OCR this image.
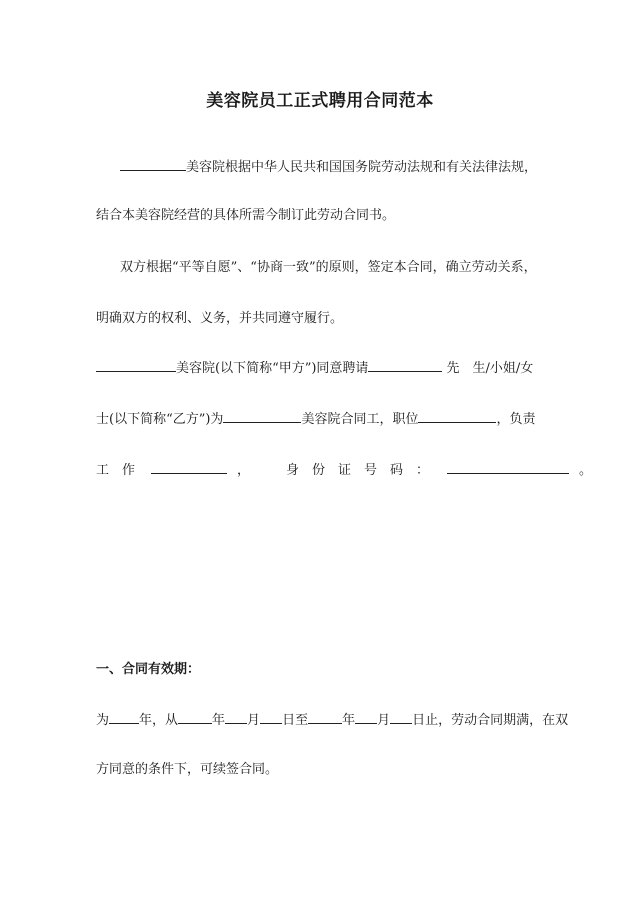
美容院员工正式聘用合同范本
美容院根据中华人民共和国国务院劳动法规和有关法律法规，
结合本美容院经营的具体所需今制订此劳动合同书。
双方根据“平等自愿”、“协商一致”的原则，签定本合同，确立劳动关系，
明确双方的权利、义务，并共同遵守履行。
美容院(以下简称“甲方”)同意聘请	先　生/小姐/女
士(以下简称“乙方”)为	美容院合同工，职位	，负责
工　作	，	身　份　证　号　码　：	。
一、合同有效期：
为 年，从	年 月 日至	年 月 日止，劳动合同期满，在双
方同意的条件下，可续签合同。
